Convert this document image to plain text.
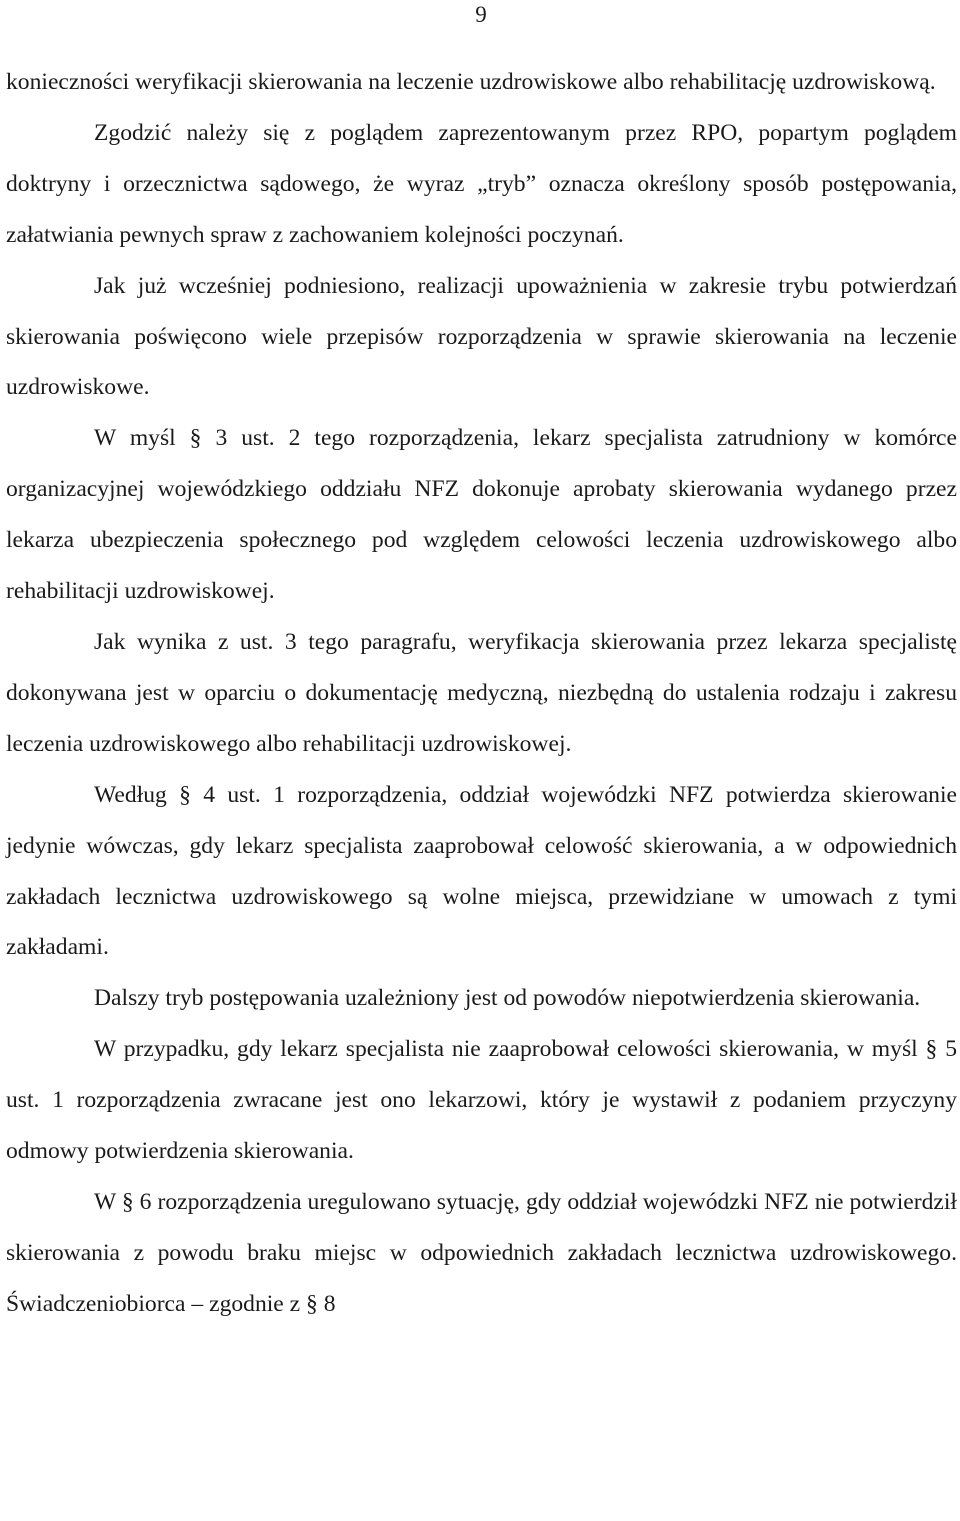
9

konieczności weryfikacji skierowania na leczenie uzdrowiskowe albo rehabilitację uzdrowiskową.

Zgodzić należy się z poglądem zaprezentowanym przez RPO, popartym poglądem doktryny i orzecznictwa sądowego, że wyraz „tryb” oznacza określony sposób postępowania, załatwiania pewnych spraw z zachowaniem kolejności poczynań.

Jak już wcześniej podniesiono, realizacji upoważnienia w zakresie trybu potwierdzań skierowania poświęcono wiele przepisów rozporządzenia w sprawie skierowania na leczenie uzdrowiskowe.

W myśl § 3 ust. 2 tego rozporządzenia, lekarz specjalista zatrudniony w komórce organizacyjnej wojewódzkiego oddziału NFZ dokonuje aprobaty skierowania wydanego przez lekarza ubezpieczenia społecznego pod względem celowości leczenia uzdrowiskowego albo rehabilitacji uzdrowiskowej.

Jak wynika z ust. 3 tego paragrafu, weryfikacja skierowania przez lekarza specjalistę dokonywana jest w oparciu o dokumentację medyczną, niezbędną do ustalenia rodzaju i zakresu leczenia uzdrowiskowego albo rehabilitacji uzdrowiskowej.

Według § 4 ust. 1 rozporządzenia, oddział wojewódzki NFZ potwierdza skierowanie jedynie wówczas, gdy lekarz specjalista zaaprobował celowość skierowania, a w odpowiednich zakładach lecznictwa uzdrowiskowego są wolne miejsca, przewidziane w umowach z tymi zakładami.

Dalszy tryb postępowania uzależniony jest od powodów niepotwierdzenia skierowania.

W przypadku, gdy lekarz specjalista nie zaaprobował celowości skierowania, w myśl § 5 ust. 1 rozporządzenia zwracane jest ono lekarzowi, który je wystawił z podaniem przyczyny odmowy potwierdzenia skierowania.

W § 6 rozporządzenia uregulowano sytuację, gdy oddział wojewódzki NFZ nie potwierdził skierowania z powodu braku miejsc w odpowiednich zakładach lecznictwa uzdrowiskowego. Świadczeniobiorca – zgodnie z § 8
